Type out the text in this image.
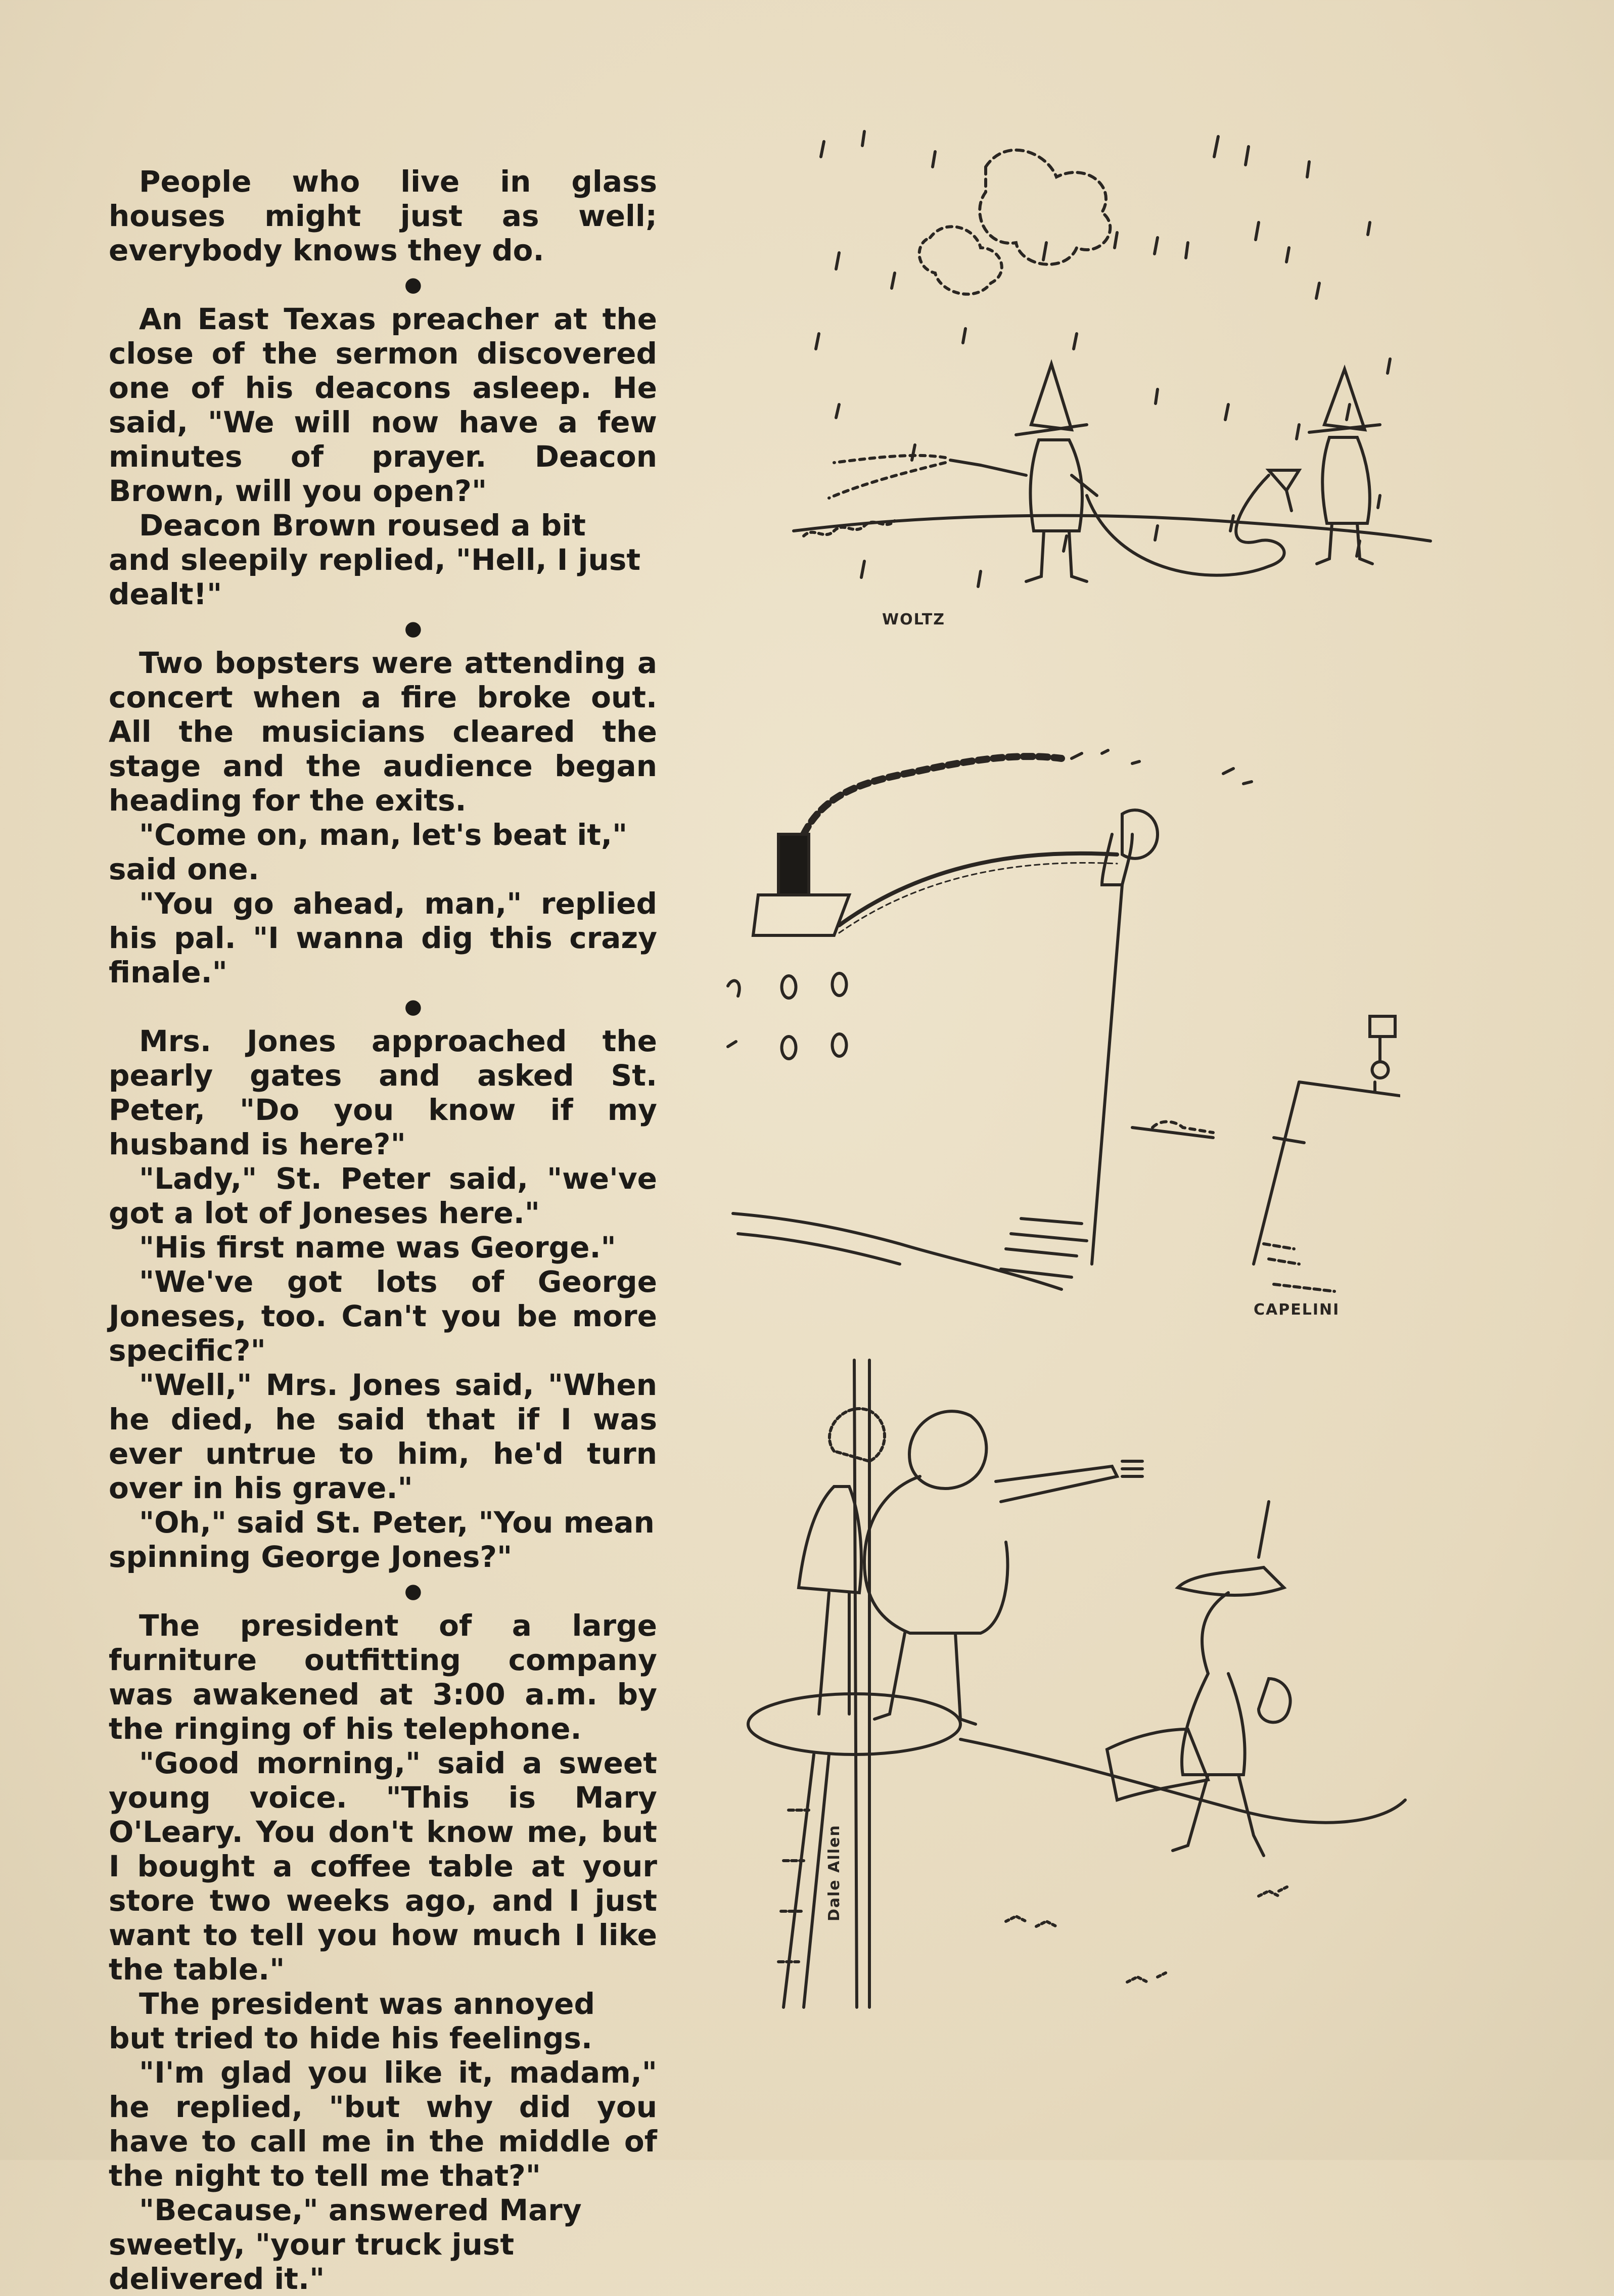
People who live in glass houses might just as well; everybody knows they do.

●

An East Texas preacher at the close of the sermon discovered one of his deacons asleep. He said, "We will now have a few minutes of prayer. Deacon Brown, will you open?"

Deacon Brown roused a bit and sleepily replied, "Hell, I just dealt!"

●

Two bopsters were attending a concert when a fire broke out. All the musicians cleared the stage and the audience began heading for the exits.

"Come on, man, let's beat it," said one.

"You go ahead, man," replied his pal. "I wanna dig this crazy finale."

●

Mrs. Jones approached the pearly gates and asked St. Peter, "Do you know if my husband is here?"

"Lady," St. Peter said, "we've got a lot of Joneses here."

"His first name was George."

"We've got lots of George Joneses, too. Can't you be more specific?"

"Well," Mrs. Jones said, "When he died, he said that if I was ever untrue to him, he'd turn over in his grave."

"Oh," said St. Peter, "You mean spinning George Jones?"

●

The president of a large furniture outfitting company was awakened at 3:00 a.m. by the ringing of his telephone.

"Good morning," said a sweet young voice. "This is Mary O'Leary. You don't know me, but I bought a coffee table at your store two weeks ago, and I just want to tell you how much I like the table."

The president was annoyed but tried to hide his feelings.

"I'm glad you like it, madam," he replied, "but why did you have to call me in the middle of the night to tell me that?"

"Because," answered Mary sweetly, "your truck just delivered it."

WOLTZ
CAPELINI
Dale Allen
